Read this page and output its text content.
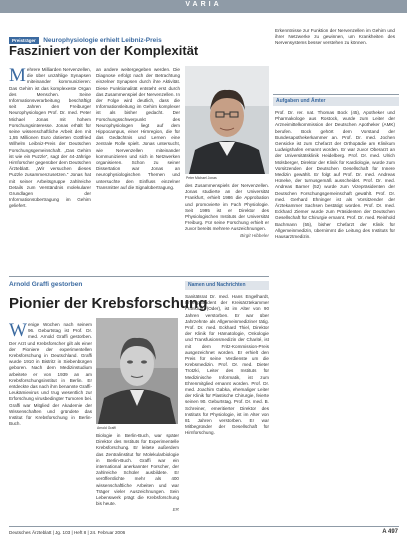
VARIA
Preisträger Neurophysiologie erhielt Leibniz-Preis
Fasziniert von der Komplexität
Mehrere Milliarden Nervenzellen, die über unzählige Synapsen miteinander kommunizieren: Das Gehirn ist das komplexeste Organ des Menschen. Seine Informationsverarbeitung beschäftigt seit Jahren den Freiburger Neurophysiologen Prof. Dr. med. Peter Michael Jonas mit hohem Forschungsinteresse. Jonas erhält für seine wissenschaftliche Arbeit den mit 1,55 Millionen Euro dotierten Gottfried Wilhelm Leibniz-Preis der Deutschen Forschungsgemeinschaft. „Das Gehirn ist wie ein Puzzle“, sagt der 44-Jährige Hirnforscher gegenüber dem Deutschen Ärzteblatt. „Wir versuchen dieses Puzzle zusammenzusetzen.“ Jonas hat mit seiner Arbeitsgruppe zahlreiche Details zum Verständnis molekularer Grundlagen der Informationsübertragung im Gehirn geliefert.
an andere weitergegeben werden. Die Diagnose erfolgt nach der Betrachtung einzelner Synapsen durch ihre Aktivität. Diese Funktionalität entsteht erst durch das Zusammenspiel der Nervenzellen. In der Folge wird deutlich, dass die Informationsleitung im Gehirn komplexer ist als bisher gedacht. Der Forschungsschwerpunkt des Neurophysiologen liegt auf dem Hippocampus, einer Hirnregion, die für das Gedächtnis und Lernen eine zentrale Rolle spielt. Jonas untersucht, wie Nervenzellen miteinander kommunizieren und sich in Netzwerken organisieren. Schon zu seiner Dissertation war Jonas an neurophysiologischen Themen und untersuchte den Einfluss einzelner Transmitter auf die Signalübertragung.
Peter Michael Jonas
des Zusammenspiels der Nervenzellen. Jonas studierte an der Universität Frankfurt, erhielt 1986 die Approbation und promovierte im Fach Physiologie. Seit 1995 ist er Direktor des Physiologischen Instituts der Universität Freiburg. Für seine Forschung erhielt er zuvor bereits mehrere Auszeichnungen.
Birgit Hibbeler
Erkenntnisse zur Funktion der Nervenzellen im Gehirn und ihrer Netzwerke zu gewinnen, um Krankheiten des Nervensystems besser verstehen zu können.
Aufgaben und Ämter
Prof. Dr. rer. nat. Thomas Bock (45), Apotheker und Pharmakologe aus Rostock, wurde zum Leiter der Arzneimittelkommission der Deutschen Apotheker (AMK) berufen. Bock gehört dem Vorstand der Bundesapothekerkammer an. Prof. Dr. med. Jochen Gensicke ist zum Chefarzt der Orthopädie am Klinikum Ludwigshafen ernannt worden. Er war zuvor Oberarzt an der Universitätsklinik Heidelberg. Prof. Dr. med. Ulrich Molsberger, Direktor der Klinik für Kardiologie, wurde zum Vorsitzenden der Deutschen Gesellschaft für Innere Medizin gewählt. Er folgt auf Prof. Dr. med. Andreas Hüneke, der turnusgemäß ausscheidet. Prof. Dr. med. Andreas Barner (52) wurde zum Vizepräsidenten der Deutschen Forschungsgemeinschaft gewählt. Prof. Dr. med. Gerhard Ehninger ist als Vorsitzender der Ärztekammer Sachsen bestätigt worden. Prof. Dr. med. Eckhard Ziemer wurde zum Präsidenten der Deutschen Gesellschaft für Chirurgie ernannt. Prof. Dr. med. Reinhold Bachmann (55), bisher Chefarzt der Klinik für Allgemeinmedizin, übernimmt die Leitung des Instituts für Hausarztmedizin.
Arnold Graffi gestorben
Pionier der Krebsforschung
Wenige Wochen nach seinem 96. Geburtstag ist Prof. Dr. med. Arnold Graffi gestorben. Der Arzt und Krebsforscher gilt als einer der Pioniere der experimentellen Krebsforschung in Deutschland. Graffi wurde 1910 in Bistritz in Siebenbürgen geboren. Nach dem Medizinstudium arbeitete er von 1939 an am Krebsforschungsinstitut in Berlin. Er entdeckte das nach ihm benannte Graffi-Leukämievirus und trug wesentlich zur Erforschung virusbedingter Tumoren bei. Graffi war Mitglied der Akademie der Wissenschaften und gründete das Institut für Krebsforschung in Berlin-Buch.
Arnold Graffi
Biologie in Berlin-Buch, war später Direktor des Instituts für Experimentelle Krebsforschung. Er leitete außerdem das Zentralinstitut für Molekularbiologie in Berlin-Buch. Graffi war ein international anerkannter Forscher, der zahlreiche Schüler ausbildete. Er veröffentlichte mehr als 400 wissenschaftliche Arbeiten und war Träger vieler Auszeichnungen. Sein Lebenswerk prägt die Krebsforschung bis heute.
ER
Namen und Nachrichten
Sanitätsrat Dr. med. Hans Engelhardt, Ehrenpräsident der Kreisärztekammer Frankfurt (Oder), ist im Alter von 90 Jahren verstorben. Er war über Jahrzehnte als Allgemeinmediziner tätig. Prof. Dr. med. Eckhard Thiel, Direktor der Klinik für Hämatologie, Onkologie und Transfusionsmedizin der Charité, ist mit dem Fritz-Kommission-Preis ausgezeichnet worden. Er erhielt den Preis für seine Verdienste um die Krebsmedizin. Prof. Dr. med. Dieter Trotzki, Leiter des Instituts für Medizinische Informatik, ist zum Ehrenmitglied ernannt worden. Prof. Dr. med. Joachim Gabka, ehemaliger Leiter der Klinik für Plastische Chirurgie, feierte seinen 90. Geburtstag. Prof. Dr. med. B. Schreiner, emeritierter Direktor des Instituts für Physiologie, ist im Alter von 81 Jahren verstorben. Er war Mitbegründer der Gesellschaft für Hirnforschung.
Deutsches Ärzteblatt | Jg. 103 | Heft 8 | 24. Februar 2006	A 497
